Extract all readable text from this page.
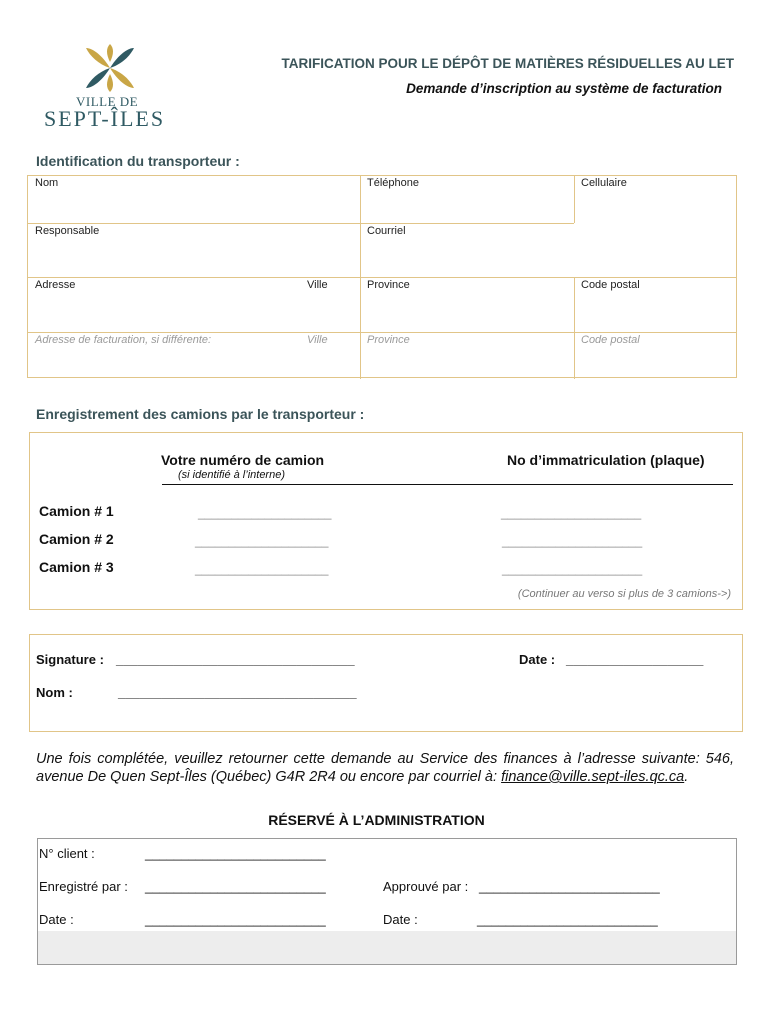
VILLE DE
SEPT-ÎLES
TARIFICATION POUR LE DÉPÔT DE MATIÈRES RÉSIDUELLES AU LET
Demande d’inscription au système de facturation
Identification du transporteur :
Nom	Téléphone	Cellulaire
Responsable	Courriel
Adresse	Ville	Province	Code postal
Adresse de facturation, si différente:	Ville	Province	Code postal
Enregistrement des camions par le transporteur :
Votre numéro de camion
(si identifié à l’interne)
No d’immatriculation (plaque)
Camion # 1	____________________	_____________________
Camion # 2	____________________	_____________________
Camion # 3	____________________	_____________________
(Continuer au verso si plus de 3 camions->)
Signature : _________________________________	Date : ___________________
Nom :	_________________________________
Une fois complétée, veuillez retourner cette demande au Service des finances à l’adresse suivante: 546, avenue De Quen Sept-Îles (Québec) G4R 2R4 ou encore par courriel à: finance@ville.sept-iles.qc.ca.
RÉSERVÉ À L’ADMINISTRATION
N° client :	_________________________
Enregistré par : _________________________	Approuvé par : _________________________
Date :	_________________________	Date :	_________________________
